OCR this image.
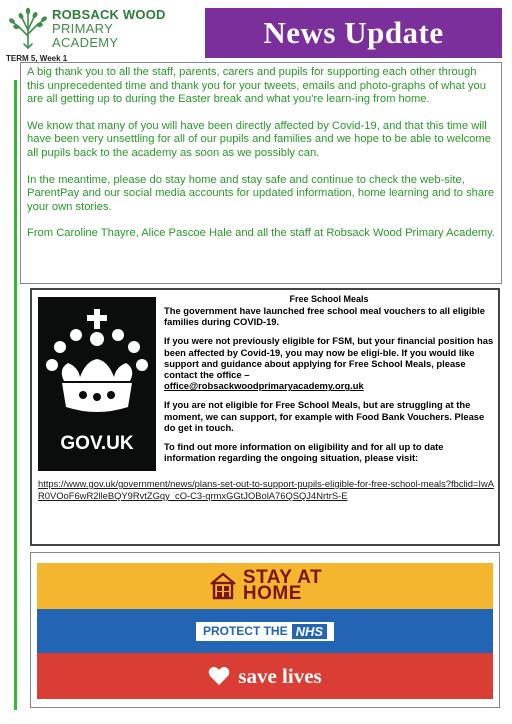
ROBSACK WOOD
PRIMARY
ACADEMY
TERM 5, Week 1
News Update

A big thank you to all the staff, parents, carers and pupils for supporting each other through this unprecedented time and thank you for your tweets, emails and photo-graphs of what you are all getting up to during the Easter break and what you're learn-ing from home.

We know that many of you will have been directly affected by Covid-19, and that this time will have been very unsettling for all of our pupils and families and we hope to be able to welcome all pupils back to the academy as soon as we possibly can.

In the meantime, please do stay home and stay safe and continue to check the web-site, ParentPay and our social media accounts for updated information, home learning and to share your own stories.

From Caroline Thayre, Alice Pascoe Hale and all the staff at Robsack Wood Primary Academy.

GOV.UK
Free School Meals

The government have launched free school meal vouchers to all eligible families during COVID-19.

If you were not previously eligible for FSM, but your financial position has been affected by Covid-19, you may now be eligi-ble. If you would like support and guidance about applying for Free School Meals, please contact the office –
office@robsackwoodprimaryacademy.org.uk

If you are not eligible for Free School Meals, but are struggling at the moment, we can support, for example with Food Bank Vouchers. Please do get in touch.

To find out more information on eligibility and for all up to date information regarding the ongoing situation, please visit:

https://www.gov.uk/government/news/plans-set-out-to-support-pupils-eligible-for-free-school-meals?fbclid=IwAR0VOoF6wR2lleBQY9RvtZGqy_cO-C3-qrmxGGtJOBolA76QSQJ4NrtrS-E
STAY AT
HOME
PROTECT THE NHS
save lives
